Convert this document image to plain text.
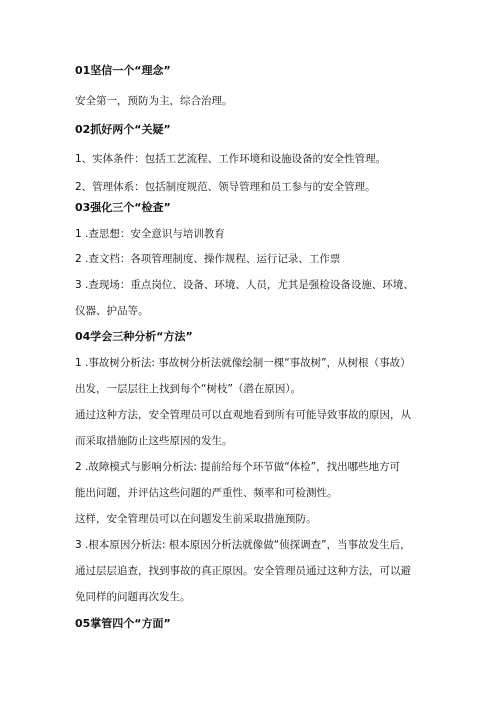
01坚信一个“理念”
安全第一，预防为主，综合治理。
02抓好两个“关疑”
1、实体条件：包括工艺流程、工作环境和设施设备的安全性管理。
2、管理体系：包括制度规范、领导管理和员工参与的安全管理。
03强化三个“检查”
1 .查思想：安全意识与培训教育
2 .查文档：各项管理制度、操作规程、运行记录、工作票
3 .查现场：重点岗位、设备、环境、人员，尤其是强检设备设施、环境、
仪器、护品等。
04学会三种分析“方法”
1 .事故树分析法: 事故树分析法就像绘制一棵“事故树”，从树根（事故）
出发，一层层往上找到每个“树枝”（潜在原因）。
通过这种方法，安全管理员可以直观地看到所有可能导致事故的原因，从
而采取措施防止这些原因的发生。
2 .故障模式与影响分析法: 提前给每个环节做“体检”，找出哪些地方可
能出问题，并评估这些问题的严重性、频率和可检测性。
这样，安全管理员可以在问题发生前采取措施预防。
3 .根本原因分析法: 根本原因分析法就像做“侦探调查”，当事故发生后，
通过层层追查，找到事故的真正原因。安全管理员通过这种方法，可以避
免同样的问题再次发生。
05掌管四个“方面”
